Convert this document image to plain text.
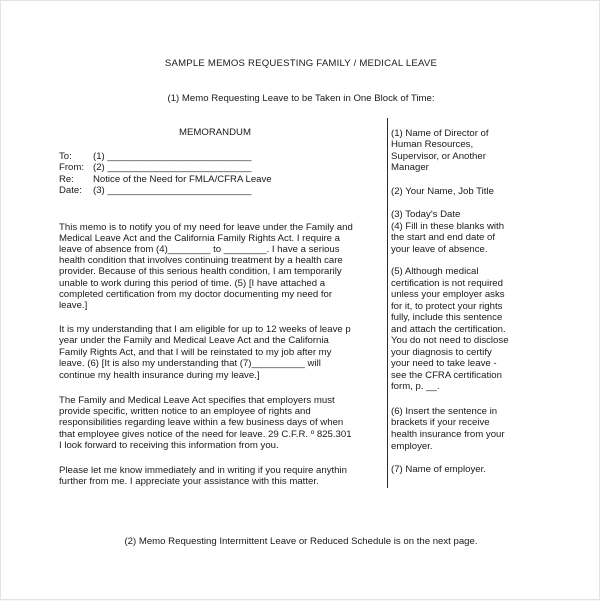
SAMPLE MEMOS REQUESTING FAMILY / MEDICAL LEAVE
(1) Memo Requesting Leave to be Taken in One Block of Time:
MEMORANDUM
To: (1) ___________________________
From: (2) ___________________________
Re: Notice of the Need for FMLA/CFRA Leave
Date: (3) ___________________________
This memo is to notify you of my need for leave under the Family and
Medical Leave Act and the California Family Rights Act. I require a
leave of absence from (4)________ to ________. I have a serious
health condition that involves continuing treatment by a health care
provider. Because of this serious health condition, I am temporarily
unable to work during this period of time. (5) [I have attached a
completed certification from my doctor documenting my need for
leave.]
It is my understanding that I am eligible for up to 12 weeks of leave p
year under the Family and Medical Leave Act and the California
Family Rights Act, and that I will be reinstated to my job after my
leave. (6) [It is also my understanding that (7)__________ will
continue my health insurance during my leave.]
The Family and Medical Leave Act specifies that employers must
provide specific, written notice to an employee of rights and
responsibilities regarding leave within a few business days of when
that employee gives notice of the need for leave. 29 C.F.R. º 825.301
I look forward to receiving this information from you.
Please let me know immediately and in writing if you require anythin
further from me. I appreciate your assistance with this matter.
(1) Name of Director of
Human Resources,
Supervisor, or Another
Manager
(2) Your Name, Job Title
(3) Today's Date
(4) Fill in these blanks with
the start and end date of
your leave of absence.
(5) Although medical
certification is not required
unless your employer asks
for it, to protect your rights
fully, include this sentence
and attach the certification.
You do not need to disclose
your diagnosis to certify
your need to take leave -
see the CFRA certification
form, p. __.
(6) Insert the sentence in
brackets if your receive
health insurance from your
employer.
(7) Name of employer.
(2) Memo Requesting Intermittent Leave or Reduced Schedule is on the next page.
